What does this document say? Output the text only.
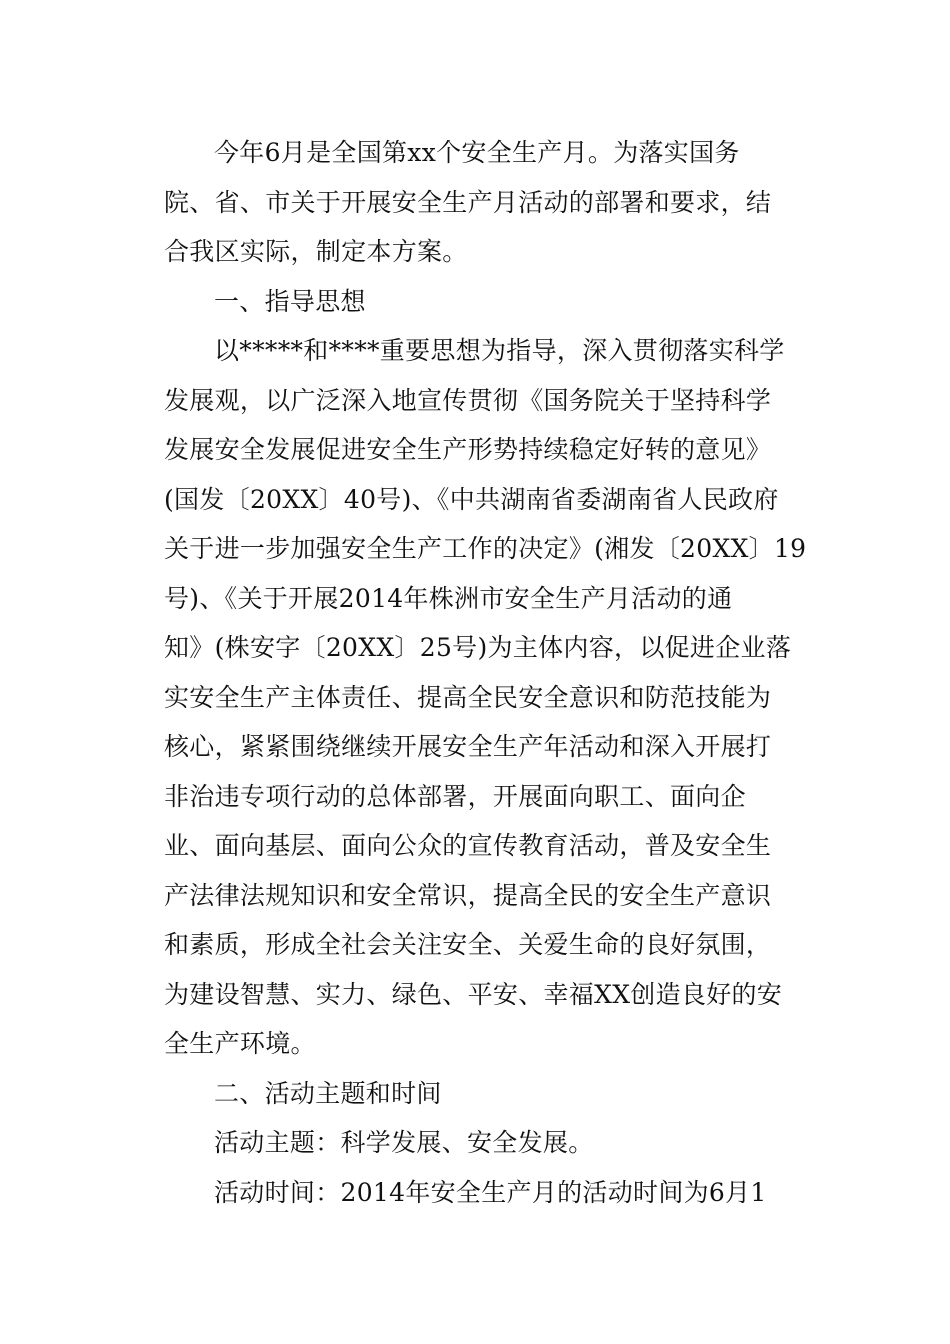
今年6月是全国第xx个安全生产月。为落实国务
院、省、市关于开展安全生产月活动的部署和要求，结
合我区实际，制定本方案。
一、指导思想
以*****和****重要思想为指导，深入贯彻落实科学
发展观，以广泛深入地宣传贯彻《国务院关于坚持科学
发展安全发展促进安全生产形势持续稳定好转的意见》
(国发〔20XX〕40号)、《中共湖南省委湖南省人民政府
关于进一步加强安全生产工作的决定》(湘发〔20XX〕19
号)、《关于开展2014年株洲市安全生产月活动的通
知》(株安字〔20XX〕25号)为主体内容，以促进企业落
实安全生产主体责任、提高全民安全意识和防范技能为
核心，紧紧围绕继续开展安全生产年活动和深入开展打
非治违专项行动的总体部署，开展面向职工、面向企
业、面向基层、面向公众的宣传教育活动，普及安全生
产法律法规知识和安全常识，提高全民的安全生产意识
和素质，形成全社会关注安全、关爱生命的良好氛围，
为建设智慧、实力、绿色、平安、幸福XX创造良好的安
全生产环境。
二、活动主题和时间
活动主题：科学发展、安全发展。
活动时间：2014年安全生产月的活动时间为6月1
